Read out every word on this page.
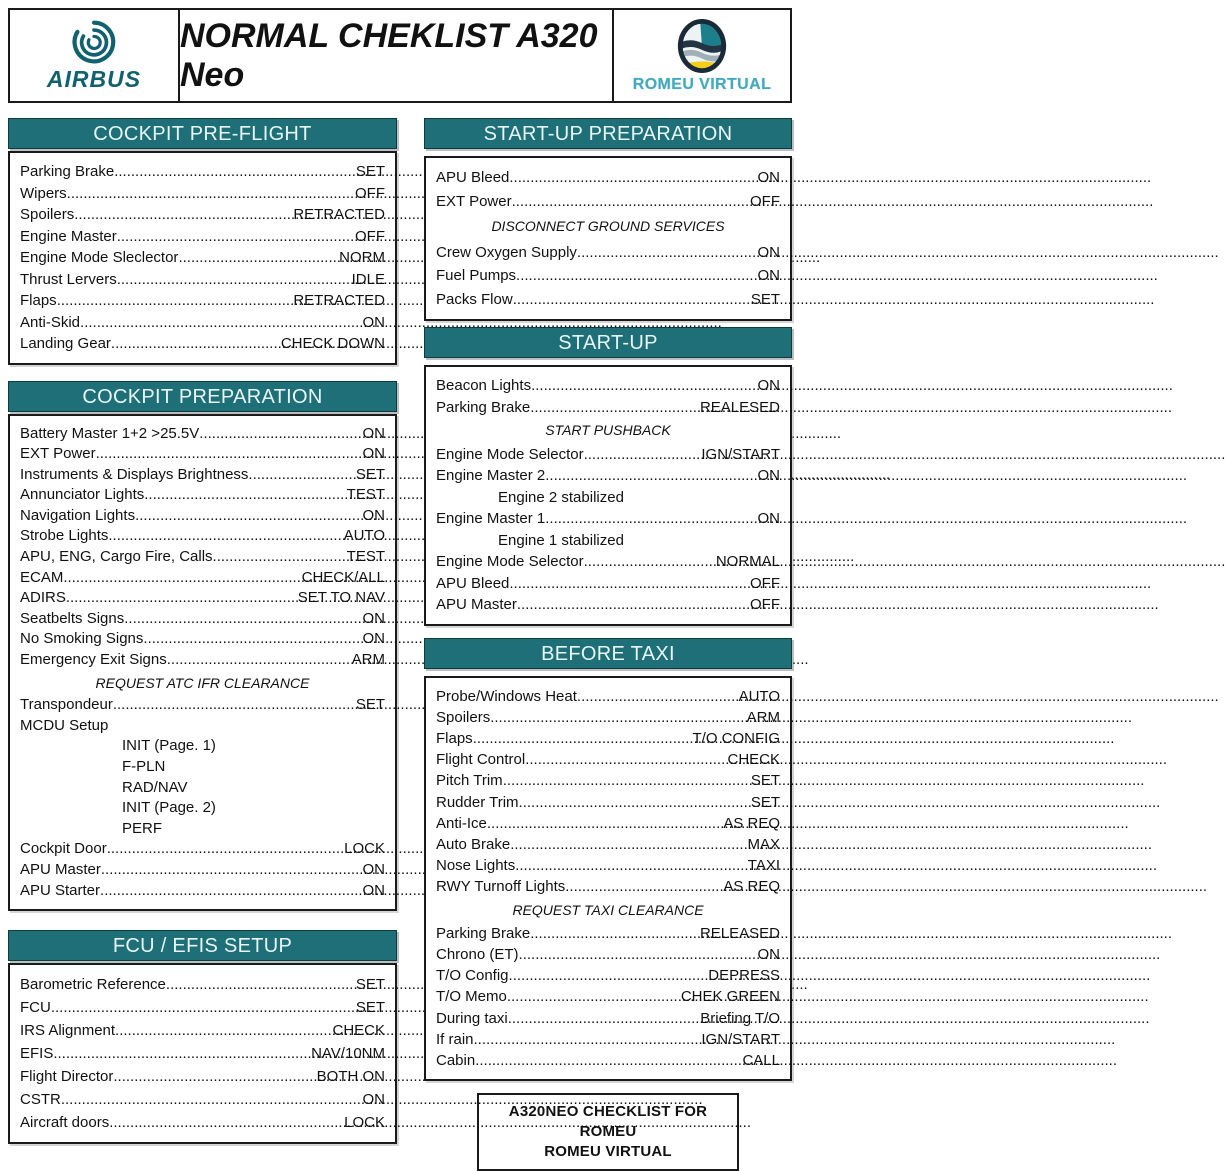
AIRBUS
NORMAL CHEKLIST A320 Neo	ROMEU VIRTUAL
COCKPIT PRE-FLIGHT
Parking Brake .....	SET
Wipers .....	OFF
Spoilers .....	RETRACTED
Engine Master .....	OFF
Engine Mode Sleclector .....	NORM
Thrust Lervers .....	IDLE
Flaps .....	RETRACTED
Anti-Skid .....	ON
Landing Gear .....	CHECK DOWN
COCKPIT PREPARATION
Battery Master 1+2 >25.5V .....	ON
EXT Power .....	ON
Instruments & Displays Brightness .....	SET
Annunciator Lights .....	TEST
Navigation Lights .....	ON
Strobe Lights .....	AUTO
APU, ENG, Cargo Fire, Calls .....	TEST
ECAM .....	CHECK/ALL
ADIRS .....	SET TO NAV
Seatbelts Signs .....	ON
No Smoking Signs .....	ON
Emergency Exit Signs .....	ARM
REQUEST ATC IFR CLEARANCE
Transpondeur .....	SET
MCDU Setup
INIT (Page. 1)
F-PLN
RAD/NAV
INIT (Page. 2)
PERF
Cockpit Door .....	LOCK
APU Master .....	ON
APU Starter .....	ON
FCU / EFIS SETUP
Barometric Reference .....	SET
FCU .....	SET
IRS Alignment .....	CHECK
EFIS .....	NAV/10NM
Flight Director .....	BOTH ON
CSTR .....	ON
Aircraft doors .....	LOCK
START-UP PREPARATION
APU Bleed .....	ON
EXT Power .....	OFF
DISCONNECT GROUND SERVICES
Crew Oxygen Supply .....	ON
Fuel Pumps .....	ON
Packs Flow .....	SET
START-UP
Beacon Lights .....	ON
Parking Brake .....	REALESED
START PUSHBACK
Engine Mode Selector .....	IGN/START
Engine Master 2 .....	ON
Engine 2 stabilized
Engine Master 1 .....	ON
Engine 1 stabilized
Engine Mode Selector .....	NORMAL
APU Bleed .....	OFF
APU Master .....	OFF
BEFORE TAXI
Probe/Windows Heat .....	AUTO
Spoilers .....	ARM
Flaps .....	T/O CONFIG
Flight Control .....	CHECK
Pitch Trim .....	SET
Rudder Trim .....	SET
Anti-Ice .....	AS REQ
Auto Brake .....	MAX
Nose Lights .....	TAXI
RWY Turnoff Lights .....	AS REQ
REQUEST TAXI CLEARANCE
Parking Brake .....	RELEASED
Chrono (ET) .....	ON
T/O Config .....	DEPRESS
T/O Memo .....	CHEK GREEN
During taxi .....	Briefing T/O
If rain .....	IGN/START
Cabin .....	CALL
A320NEO CHECKLIST FOR ROMEU
ROMEU VIRTUAL
